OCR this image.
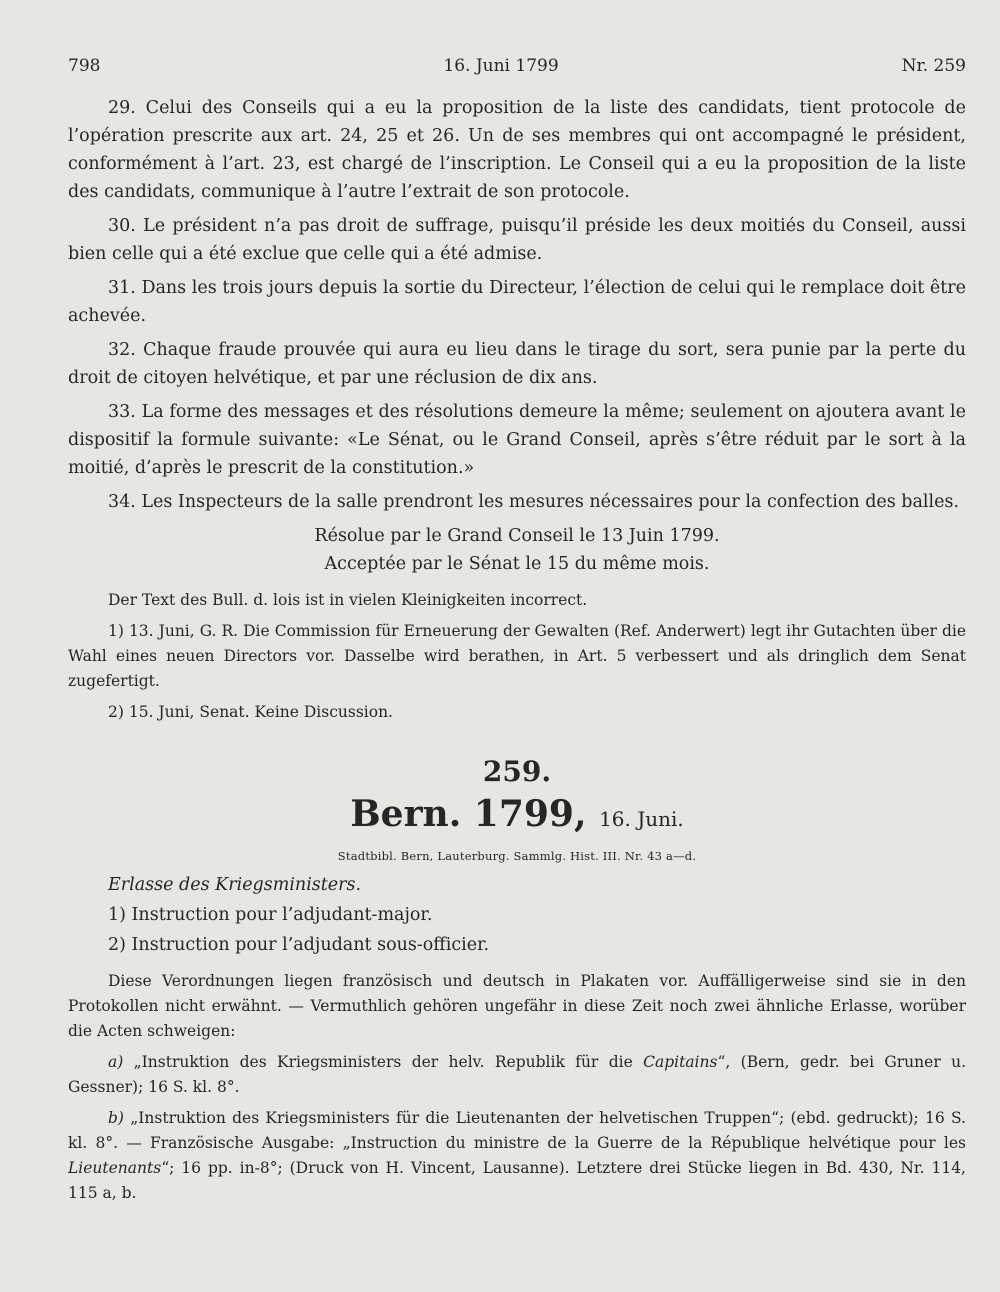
798	16. Juni 1799	Nr. 259

29. Celui des Conseils qui a eu la proposition de la liste des candidats, tient protocole de l’opération prescrite aux art. 24, 25 et 26. Un de ses membres qui ont accompagné le président, conformément à l’art. 23, est chargé de l’inscription. Le Conseil qui a eu la proposition de la liste des candidats, communique à l’autre l’extrait de son protocole.

30. Le président n’a pas droit de suffrage, puisqu’il préside les deux moitiés du Conseil, aussi bien celle qui a été exclue que celle qui a été admise.

31. Dans les trois jours depuis la sortie du Directeur, l’élection de celui qui le remplace doit être achevée.

32. Chaque fraude prouvée qui aura eu lieu dans le tirage du sort, sera punie par la perte du droit de citoyen helvétique, et par une réclusion de dix ans.

33. La forme des messages et des résolutions demeure la même; seulement on ajoutera avant le dispositif la formule suivante: «Le Sénat, ou le Grand Conseil, après s’être réduit par le sort à la moitié, d’après le prescrit de la constitution.»

34. Les Inspecteurs de la salle prendront les mesures nécessaires pour la confection des balles.

Résolue par le Grand Conseil le 13 Juin 1799.
Acceptée par le Sénat le 15 du même mois.

Der Text des Bull. d. lois ist in vielen Kleinigkeiten incorrect.

1) 13. Juni, G. R. Die Commission für Erneuerung der Gewalten (Ref. Anderwert) legt ihr Gutachten über die Wahl eines neuen Directors vor. Dasselbe wird berathen, in Art. 5 verbessert und als dringlich dem Senat zugefertigt.

2) 15. Juni, Senat. Keine Discussion.

259.
Bern. 1799, 16. Juni.
Stadtbibl. Bern, Lauterburg. Sammlg. Hist. III. Nr. 43 a—d.

Erlasse des Kriegsministers.

1) Instruction pour l’adjudant-major.

2) Instruction pour l’adjudant sous-officier.

Diese Verordnungen liegen französisch und deutsch in Plakaten vor. Auffälligerweise sind sie in den Protokollen nicht erwähnt. — Vermuthlich gehören ungefähr in diese Zeit noch zwei ähnliche Erlasse, worüber die Acten schweigen:

a) „Instruktion des Kriegsministers der helv. Republik für die Capitains“, (Bern, gedr. bei Gruner u. Gessner); 16 S. kl. 8°.

b) „Instruktion des Kriegsministers für die Lieutenanten der helvetischen Truppen“; (ebd. gedruckt); 16 S. kl. 8°. — Französische Ausgabe: „Instruction du ministre de la Guerre de la République helvétique pour les Lieutenants“; 16 pp. in-8°; (Druck von H. Vincent, Lausanne). Letztere drei Stücke liegen in Bd. 430, Nr. 114, 115 a, b.
